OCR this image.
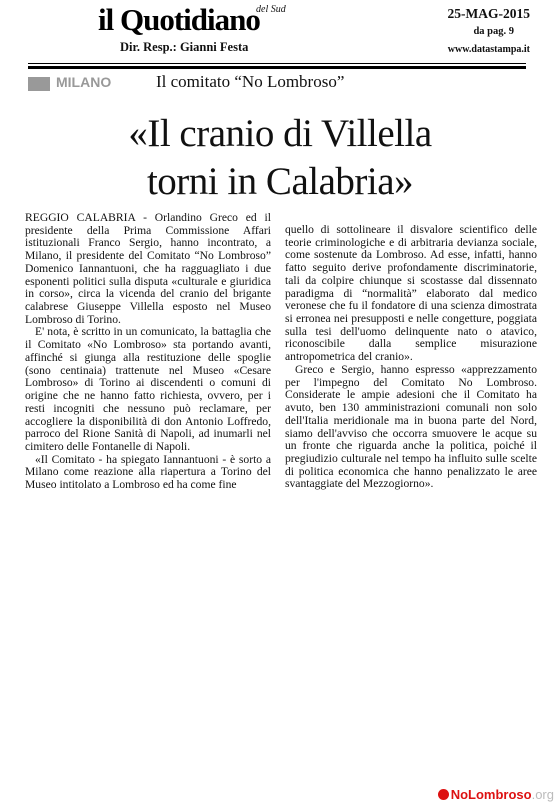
il Quotidiano
del Sud
Dir. Resp.: Gianni Festa
25-MAG-2015
da pag. 9
www.datastampa.it
MILANO	Il comitato “No Lombroso”
«Il cranio di Villella
torni in Calabria»

REGGIO CALABRIA - Orlandino Greco ed il presidente della Prima Commissione Affari istituzionali Franco Sergio, hanno incontrato, a Milano, il presidente del Comitato “No Lombroso” Domenico Iannantuoni, che ha ragguagliato i due esponenti politici sulla disputa «culturale e giuridica in corso», circa la vicenda del cranio del brigante calabrese Giuseppe Villella esposto nel Museo Lombroso di Torino.

E' nota, è scritto in un comunicato, la battaglia che il Comitato «No Lombroso» sta portando avanti, affinché si giunga alla restituzione delle spoglie (sono centinaia) trattenute nel Museo «Cesare Lombroso» di Torino ai discendenti o comuni di origine che ne hanno fatto richiesta, ovvero, per i resti incogniti che nessuno può reclamare, per accogliere la disponibilità di don Antonio Loffredo, parroco del Rione Sanità di Napoli, ad inumarli nel cimitero delle Fontanelle di Napoli.

«Il Comitato - ha spiegato Iannantuoni - è sorto a Milano come reazione alla riapertura a Torino del Museo intitolato a Lombroso ed ha come fine

quello di sottolineare il disvalore scientifico delle teorie criminologiche e di arbitraria devianza sociale, come sostenute da Lombroso. Ad esse, infatti, hanno fatto seguito derive profondamente discriminatorie, tali da colpire chiunque si scostasse dal dissennato paradigma di “normalità” elaborato dal medico veronese che fu il fondatore di una scienza dimostrata si erronea nei presupposti e nelle congetture, poggiata sulla tesi dell'uomo delinquente nato o atavico, riconoscibile dalla semplice misurazione antropometrica del cranio».

Greco e Sergio, hanno espresso «apprezzamento per l'impegno del Comitato No Lombroso. Considerate le ampie adesioni che il Comitato ha avuto, ben 130 amministrazioni comunali non solo dell'Italia meridionale ma in buona parte del Nord, siamo dell'avviso che occorra smuovere le acque su un fronte che riguarda anche la politica, poiché il pregiudizio culturale nel tempo ha influito sulle scelte di politica economica che hanno penalizzato le aree svantaggiate del Mezzogiorno».

NoLombroso.org
